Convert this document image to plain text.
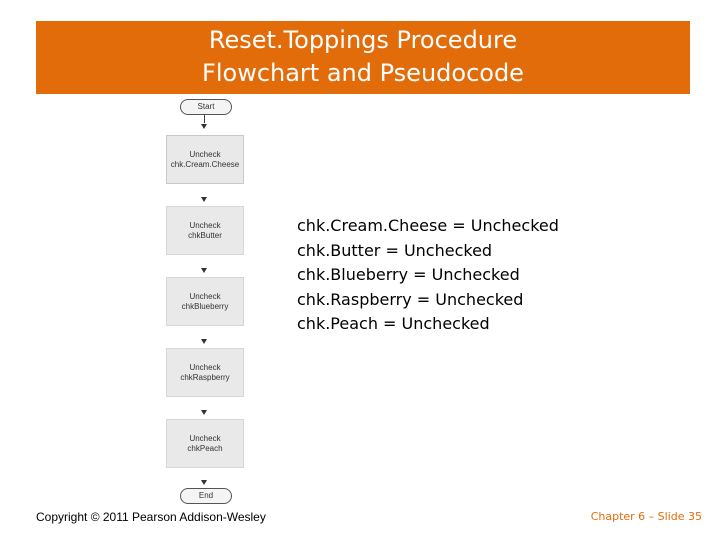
Reset.Toppings Procedure
Flowchart and Pseudocode
Start
Uncheck
chk.Cream.Cheese
Uncheck
chkButter
Uncheck
chkBlueberry
Uncheck
chkRaspberry
Uncheck
chkPeach
End
chk.Cream.Cheese = Unchecked
chk.Butter = Unchecked
chk.Blueberry = Unchecked
chk.Raspberry = Unchecked
chk.Peach = Unchecked
Copyright © 2011 Pearson Addison-Wesley	Chapter 6 – Slide 35
